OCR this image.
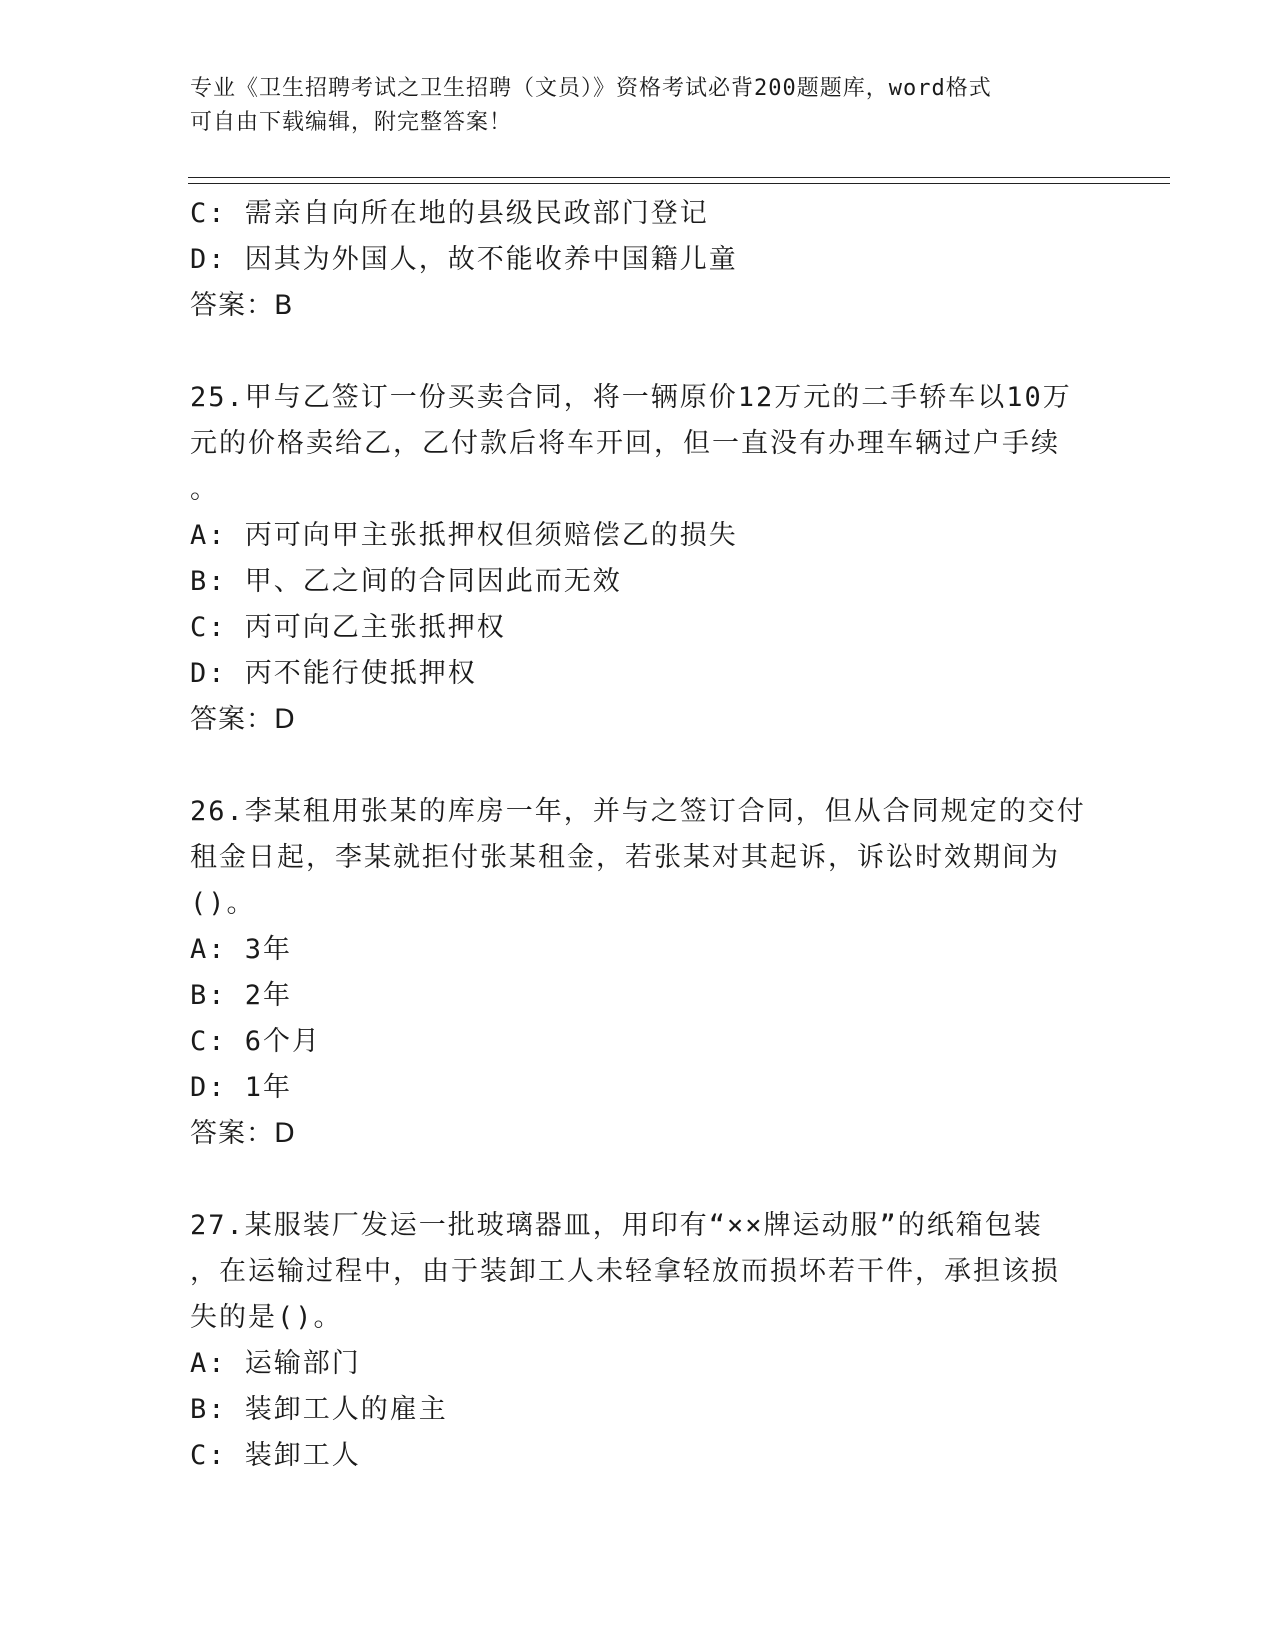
专业《卫生招聘考试之卫生招聘（文员）》资格考试必背200题题库，word格式
可自由下载编辑，附完整答案！
C: 需亲自向所在地的县级民政部门登记
D: 因其为外国人，故不能收养中国籍儿童
答案：B
25.甲与乙签订一份买卖合同，将一辆原价12万元的二手轿车以10万
元的价格卖给乙，乙付款后将车开回，但一直没有办理车辆过户手续
。
A: 丙可向甲主张抵押权但须赔偿乙的损失
B: 甲、乙之间的合同因此而无效
C: 丙可向乙主张抵押权
D: 丙不能行使抵押权
答案：D
26.李某租用张某的库房一年，并与之签订合同，但从合同规定的交付
租金日起，李某就拒付张某租金，若张某对其起诉，诉讼时效期间为
()。
A: 3年
B: 2年
C: 6个月
D: 1年
答案：D
27.某服装厂发运一批玻璃器皿，用印有“××牌运动服”的纸箱包装
，在运输过程中，由于装卸工人未轻拿轻放而损坏若干件，承担该损
失的是()。
A: 运输部门
B: 装卸工人的雇主
C: 装卸工人
